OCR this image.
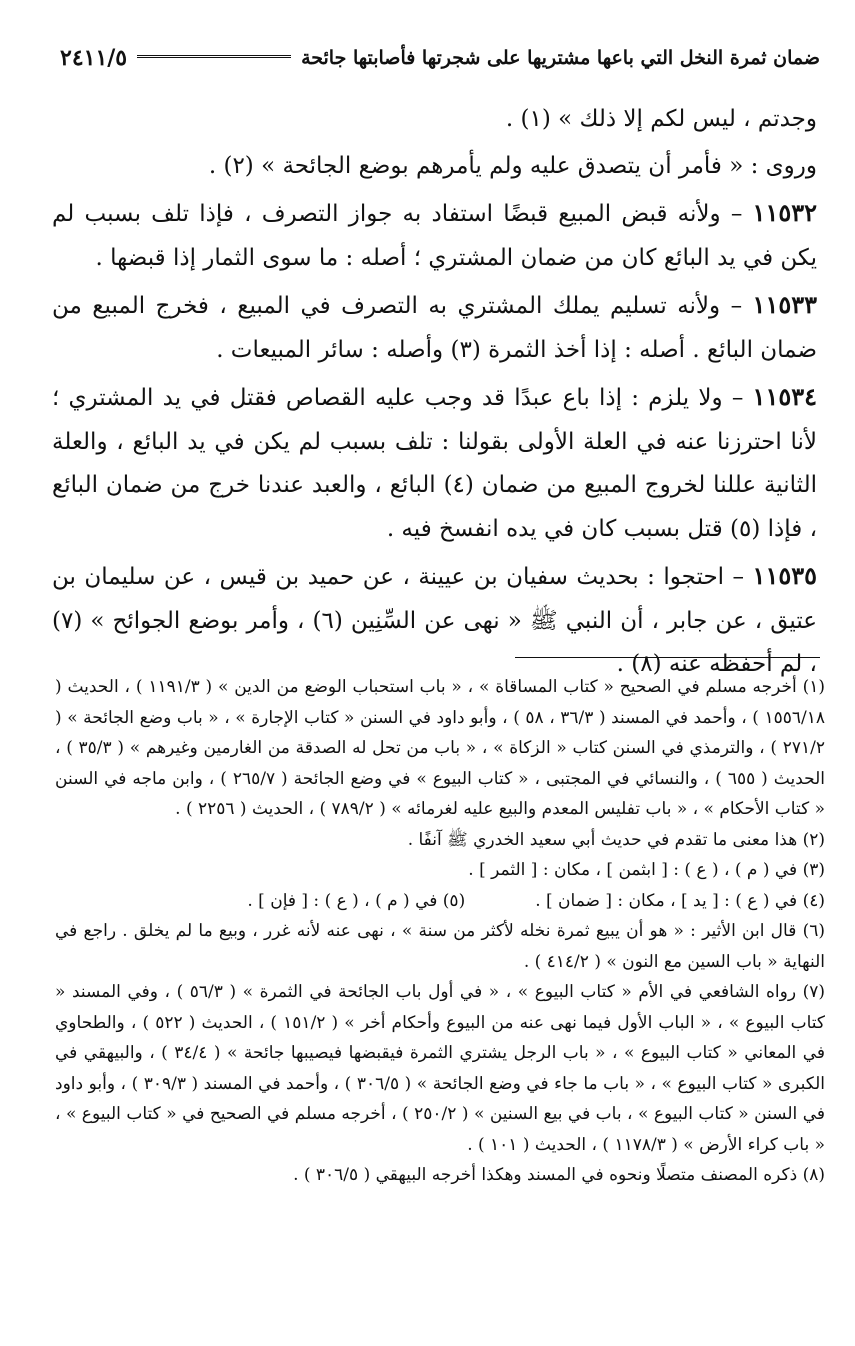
ضمان ثمرة النخل التي باعها مشتريها على شجرتها فأصابتها جائحة
٢٤١١/٥

وجدتم ، ليس لكم إلا ذلك » (١) .

وروى : « فأمر أن يتصدق عليه ولم يأمرهم بوضع الجائحة » (٢) .

١١٥٣٢ – ولأنه قبض المبيع قبضًا استفاد به جواز التصرف ، فإذا تلف بسبب لم يكن في يد البائع كان من ضمان المشتري ؛ أصله : ما سوى الثمار إذا قبضها .

١١٥٣٣ – ولأنه تسليم يملك المشتري به التصرف في المبيع ، فخرج المبيع من ضمان البائع . أصله : إذا أخذ الثمرة (٣) وأصله : سائر المبيعات .

١١٥٣٤ – ولا يلزم : إذا باع عبدًا قد وجب عليه القصاص فقتل في يد المشتري ؛ لأنا احترزنا عنه في العلة الأولى بقولنا : تلف بسبب لم يكن في يد البائع ، والعلة الثانية عللنا لخروج المبيع من ضمان (٤) البائع ، والعبد عندنا خرج من ضمان البائع ، فإذا (٥) قتل بسبب كان في يده انفسخ فيه .

١١٥٣٥ – احتجوا : بحديث سفيان بن عيينة ، عن حميد بن قيس ، عن سليمان بن عتيق ، عن جابر ، أن النبي ﷺ « نهى عن السِّنِين (٦) ، وأمر بوضع الجوائح » (٧) ، لم أحفظه عنه (٨) .

(١) أخرجه مسلم في الصحيح « كتاب المساقاة » ، « باب استحباب الوضع من الدين » ( ١١٩١/٣ ) ، الحديث ( ١٥٥٦/١٨ ) ، وأحمد في المسند ( ٣٦/٣ ، ٥٨ ) ، وأبو داود في السنن « كتاب الإجارة » ، « باب وضع الجائحة » ( ٢٧١/٢ ) ، والترمذي في السنن كتاب « الزكاة » ، « باب من تحل له الصدقة من الغارمين وغيرهم » ( ٣٥/٣ ) ، الحديث ( ٦٥٥ ) ، والنسائي في المجتبى ، « كتاب البيوع » في وضع الجائحة ( ٢٦٥/٧ ) ، وابن ماجه في السنن « كتاب الأحكام » ، « باب تفليس المعدم والبيع عليه لغرمائه » ( ٧٨٩/٢ ) ، الحديث ( ٢٢٥٦ ) .

(٢) هذا معنى ما تقدم في حديث أبي سعيد الخدري ﷺ آنفًا .

(٣) في ( م ) ، ( ع ) : [ ابثمن ] ، مكان : [ الثمر ] .

(٤) في ( ع ) : [ يد ] ، مكان : [ ضمان ] .
(٥) في ( م ) ، ( ع ) : [ فإن ] .

(٦) قال ابن الأثير : « هو أن يبيع ثمرة نخله لأكثر من سنة » ، نهى عنه لأنه غرر ، وبيع ما لم يخلق . راجع في النهاية « باب السين مع النون » ( ٤١٤/٢ ) .

(٧) رواه الشافعي في الأم « كتاب البيوع » ، « في أول باب الجائحة في الثمرة » ( ٥٦/٣ ) ، وفي المسند « كتاب البيوع » ، « الباب الأول فيما نهى عنه من البيوع وأحكام أخر » ( ١٥١/٢ ) ، الحديث ( ٥٢٢ ) ، والطحاوي في المعاني « كتاب البيوع » ، « باب الرجل يشتري الثمرة فيقبضها فيصيبها جائحة » ( ٣٤/٤ ) ، والبيهقي في الكبرى « كتاب البيوع » ، « باب ما جاء في وضع الجائحة » ( ٣٠٦/٥ ) ، وأحمد في المسند ( ٣٠٩/٣ ) ، وأبو داود في السنن « كتاب البيوع » ، باب في بيع السنين » ( ٢٥٠/٢ ) ، أخرجه مسلم في الصحيح في « كتاب البيوع » ، « باب كراء الأرض » ( ١١٧٨/٣ ) ، الحديث ( ١٠١ ) .

(٨) ذكره المصنف متصلًا ونحوه في المسند وهكذا أخرجه البيهقي ( ٣٠٦/٥ ) .
